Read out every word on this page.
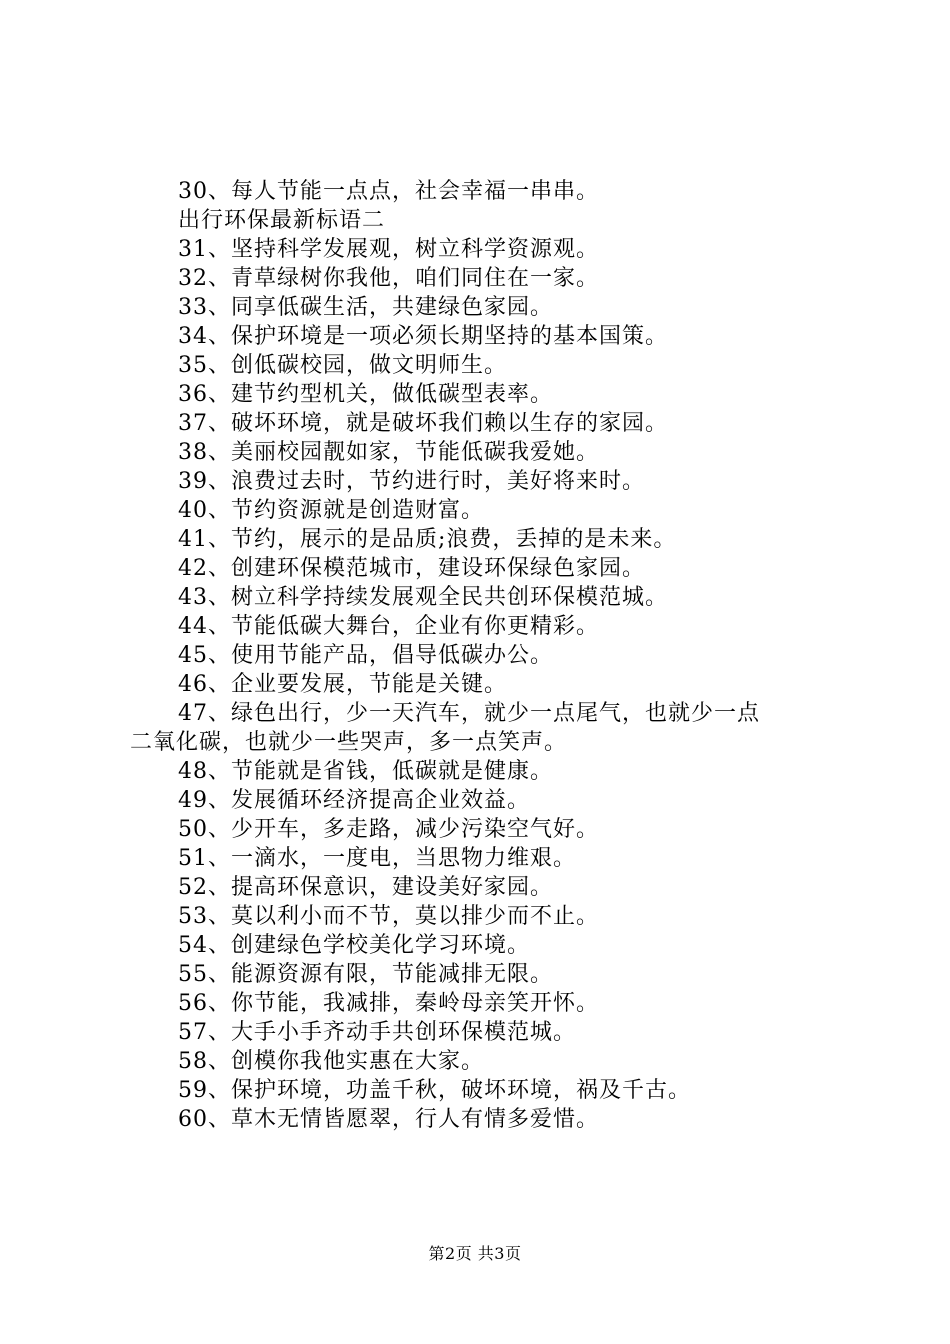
30、每人节能一点点，社会幸福一串串。
出行环保最新标语二
31、坚持科学发展观，树立科学资源观。
32、青草绿树你我他，咱们同住在一家。
33、同享低碳生活，共建绿色家园。
34、保护环境是一项必须长期坚持的基本国策。
35、创低碳校园，做文明师生。
36、建节约型机关，做低碳型表率。
37、破坏环境，就是破坏我们赖以生存的家园。
38、美丽校园靓如家，节能低碳我爱她。
39、浪费过去时，节约进行时，美好将来时。
40、节约资源就是创造财富。
41、节约，展示的是品质;浪费，丢掉的是未来。
42、创建环保模范城市，建设环保绿色家园。
43、树立科学持续发展观全民共创环保模范城。
44、节能低碳大舞台，企业有你更精彩。
45、使用节能产品，倡导低碳办公。
46、企业要发展，节能是关键。
47、绿色出行，少一天汽车，就少一点尾气，也就少一点
二氧化碳，也就少一些哭声，多一点笑声。
48、节能就是省钱，低碳就是健康。
49、发展循环经济提高企业效益。
50、少开车，多走路，减少污染空气好。
51、一滴水，一度电，当思物力维艰。
52、提高环保意识，建设美好家园。
53、莫以利小而不节，莫以排少而不止。
54、创建绿色学校美化学习环境。
55、能源资源有限，节能减排无限。
56、你节能，我减排，秦岭母亲笑开怀。
57、大手小手齐动手共创环保模范城。
58、创模你我他实惠在大家。
59、保护环境，功盖千秋，破坏环境，祸及千古。
60、草木无情皆愿翠，行人有情多爱惜。
第2页 共3页
